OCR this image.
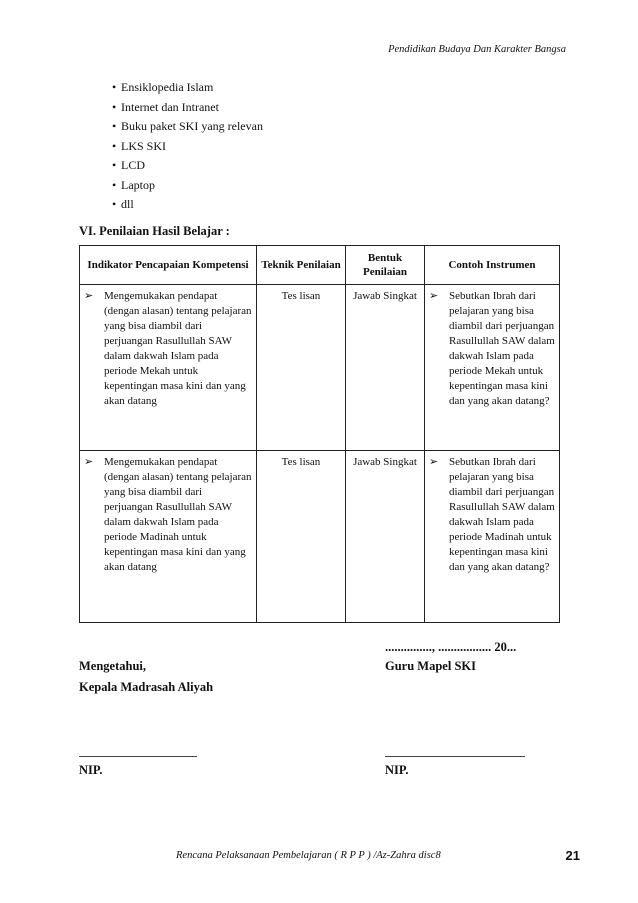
Pendidikan Budaya Dan Karakter Bangsa
• Ensiklopedia Islam
• Internet dan Intranet
• Buku paket SKI yang relevan
• LKS SKI
• LCD
• Laptop
• dll
VI. Penilaian Hasil Belajar :
Indikator Pencapaian Kompetensi	Teknik Penilaian	Bentuk Penilaian	Contoh Instrumen

➢ Mengemukakan pendapat (dengan alasan) tentang pelajaran yang bisa diambil dari perjuangan Rasullullah SAW dalam dakwah Islam pada periode Mekah untuk kepentingan masa kini dan yang akan datang	Tes lisan	Jawab Singkat	➢ Sebutkan Ibrah dari pelajaran yang bisa diambil dari perjuangan Rasullullah SAW dalam dakwah Islam pada periode Mekah untuk kepentingan masa kini dan yang akan datang?

➢ Mengemukakan pendapat (dengan alasan) tentang pelajaran yang bisa diambil dari perjuangan Rasullullah SAW dalam dakwah Islam pada periode Madinah untuk kepentingan masa kini dan yang akan datang	Tes lisan	Jawab Singkat	➢ Sebutkan Ibrah dari pelajaran yang bisa diambil dari perjuangan Rasullullah SAW dalam dakwah Islam pada periode Madinah untuk kepentingan masa kini dan yang akan datang?
..............., ................. 20...
Mengetahui,	Guru Mapel SKI
Kepala Madrasah Aliyah
NIP.	NIP.
Rencana Pelaksanaan Pembelajaran ( R P P ) /Az-Zahra disc8	21
